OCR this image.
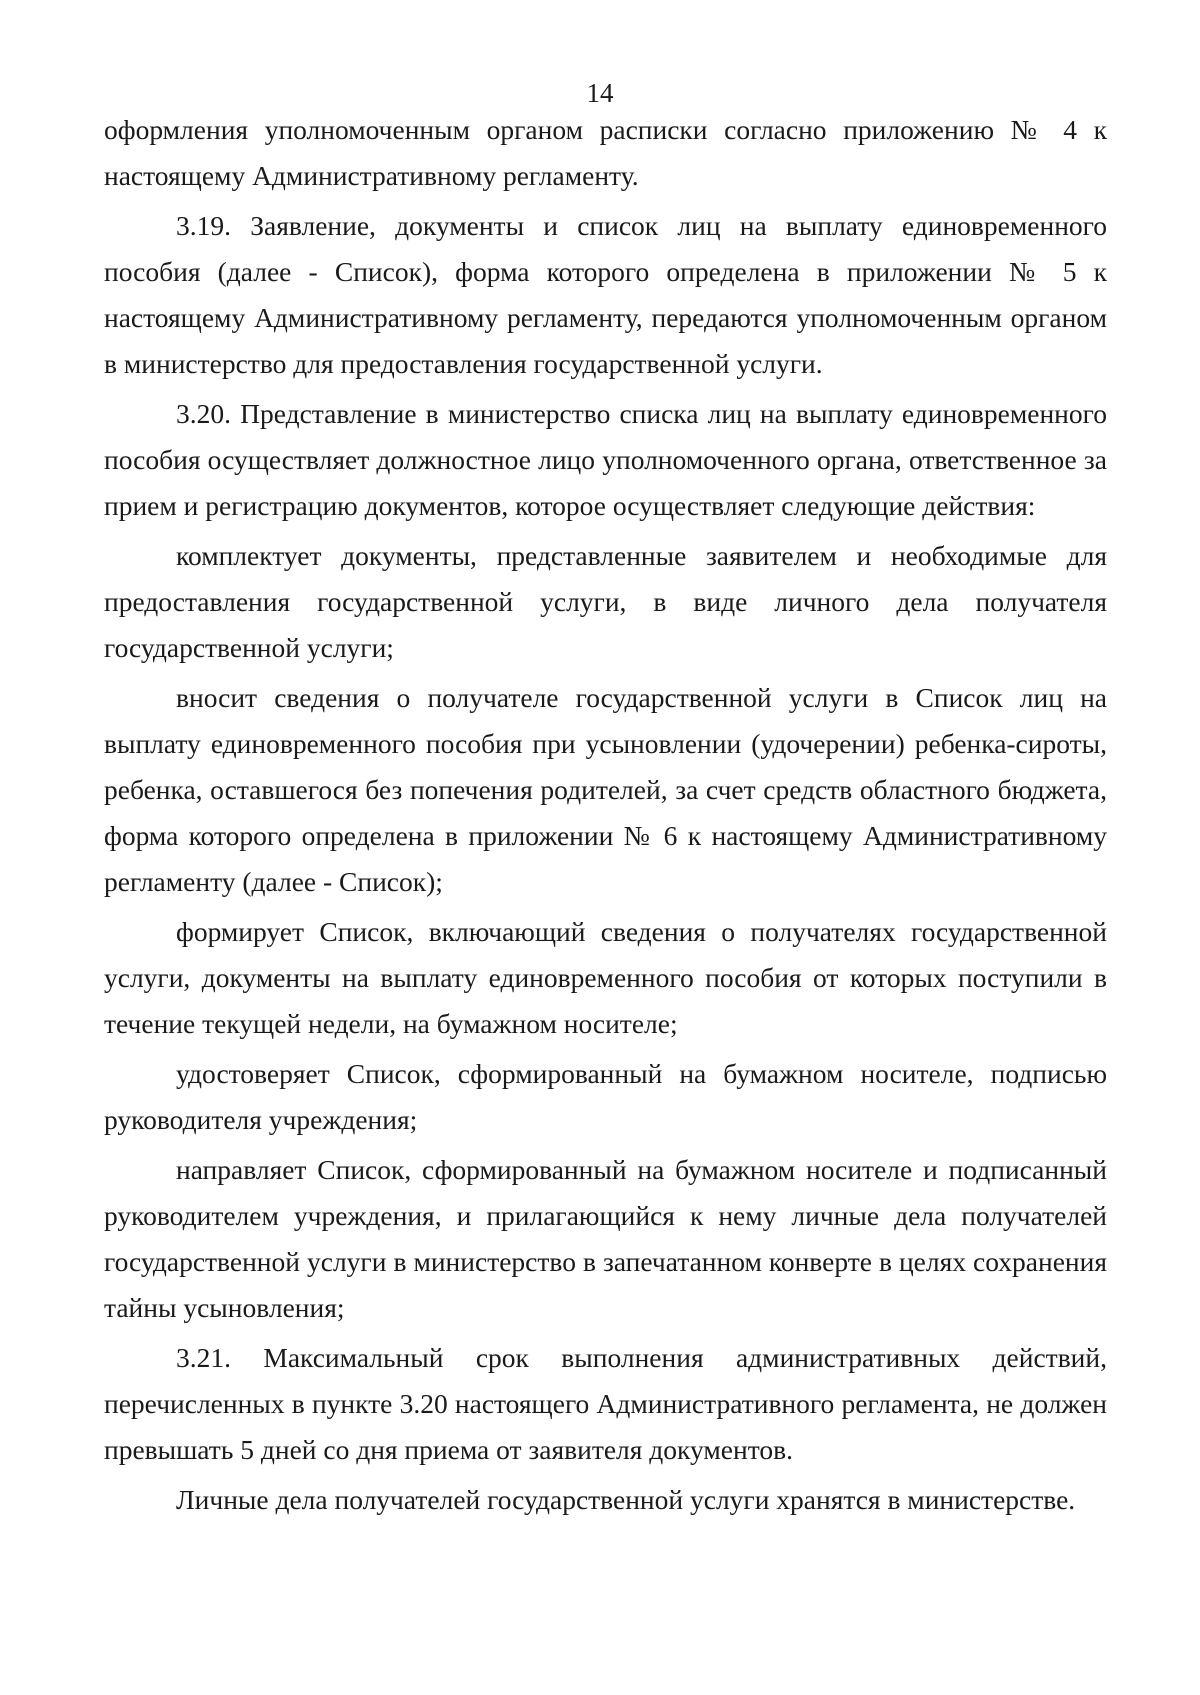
14

оформления уполномоченным органом расписки согласно приложению № 4 к настоящему Административному регламенту.

3.19. Заявление, документы и список лиц на выплату единовременного пособия (далее - Список), форма которого определена в приложении № 5 к настоящему Административному регламенту, передаются уполномоченным органом в министерство для предоставления государственной услуги.

3.20. Представление в министерство списка лиц на выплату единовременного пособия осуществляет должностное лицо уполномоченного органа, ответственное за прием и регистрацию документов, которое осуществляет следующие действия:

комплектует документы, представленные заявителем и необходимые для предоставления государственной услуги, в виде личного дела получателя государственной услуги;

вносит сведения о получателе государственной услуги в Список лиц на выплату единовременного пособия при усыновлении (удочерении) ребенка-сироты, ребенка, оставшегося без попечения родителей, за счет средств областного бюджета, форма которого определена в приложении № 6 к настоящему Административному регламенту (далее - Список);

формирует Список, включающий сведения о получателях государственной услуги, документы на выплату единовременного пособия от которых поступили в течение текущей недели, на бумажном носителе;

удостоверяет Список, сформированный на бумажном носителе, подписью руководителя учреждения;

направляет Список, сформированный на бумажном носителе и подписанный руководителем учреждения, и прилагающийся к нему личные дела получателей государственной услуги в министерство в запечатанном конверте в целях сохранения тайны усыновления;

3.21. Максимальный срок выполнения административных действий, перечисленных в пункте 3.20 настоящего Административного регламента, не должен превышать 5 дней со дня приема от заявителя документов.

Личные дела получателей государственной услуги хранятся в министерстве.
